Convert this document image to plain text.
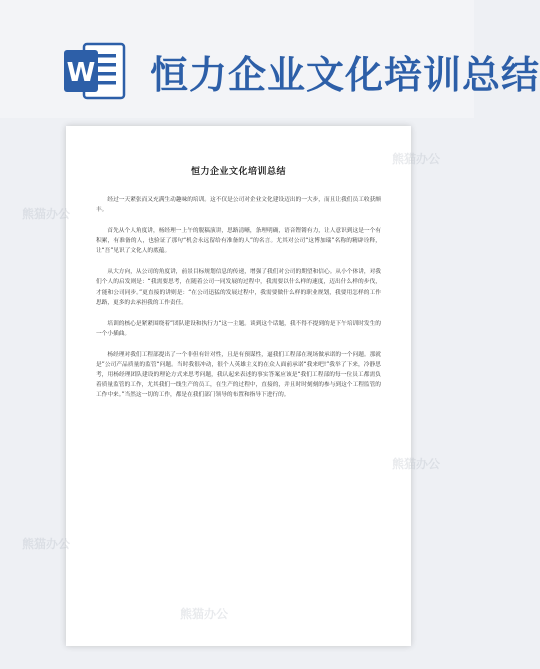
W 恒力企业文化培训总结
恒力企业文化培训总结

经过一天紧张而又充满生动趣味的培训。这不仅是公司对企业文化建设迈出的一大步，而且让我们员工收获颇丰。

首先从个人角度讲，杨经理一上午的脱稿演讲，思路清晰，条理明确，语音铿锵有力，让人意识到这是一个有积累，有准备的人，也验证了那句“机会永远留给有准备的人”的名言。尤其对公司“这博加瑞”名称的精辟诠释，让“吾”见识了文化人的底蕴。

从大方向，从公司的角度讲，前景目标规划信息的传递，增强了我们对公司的期望和信心。从小个体讲，对我们个人的启发则是：“我需要思考，在随着公司一同发展的过程中，我需要以什么样的速度，迈出什么样的步伐，才能和公司同步。”更直接的讲则是：“在公司迅猛的发展过程中，我需要做什么样的职业规划，我要用怎样的工作思路，更多的去承担我的工作责任。

培训的核心是紧紧围绕着”团队建设和执行力“这一主题。谈到这个话题，我不得不提到的是下午培训时发生的一个小插曲。

杨经理对我们工程部提出了一个非但有针对性，且是有预谋性，逼我们工程部在现场做承诺的一个问题。那就是”公司产品质量的监管“问题。当时我很冲动，很个人英雄主义的在众人面前承诺“我来吧!”我举了下来，冷静思考，用杨经理团队建设的理论方式来思考问题，我认起来表述的事实答案应该是“我们工程部的每一位员工都需负着质量监管的工作，尤其我们一线生产的员工，在生产的过程中，直接的，并且时时刻刻的参与到这个工程监管的工作中来。”当然这一切的工作，都是在我们部门领导的布置和指导下进行的。

熊猫办公
熊猫办公
熊猫办公
熊猫办公
熊猫办公
